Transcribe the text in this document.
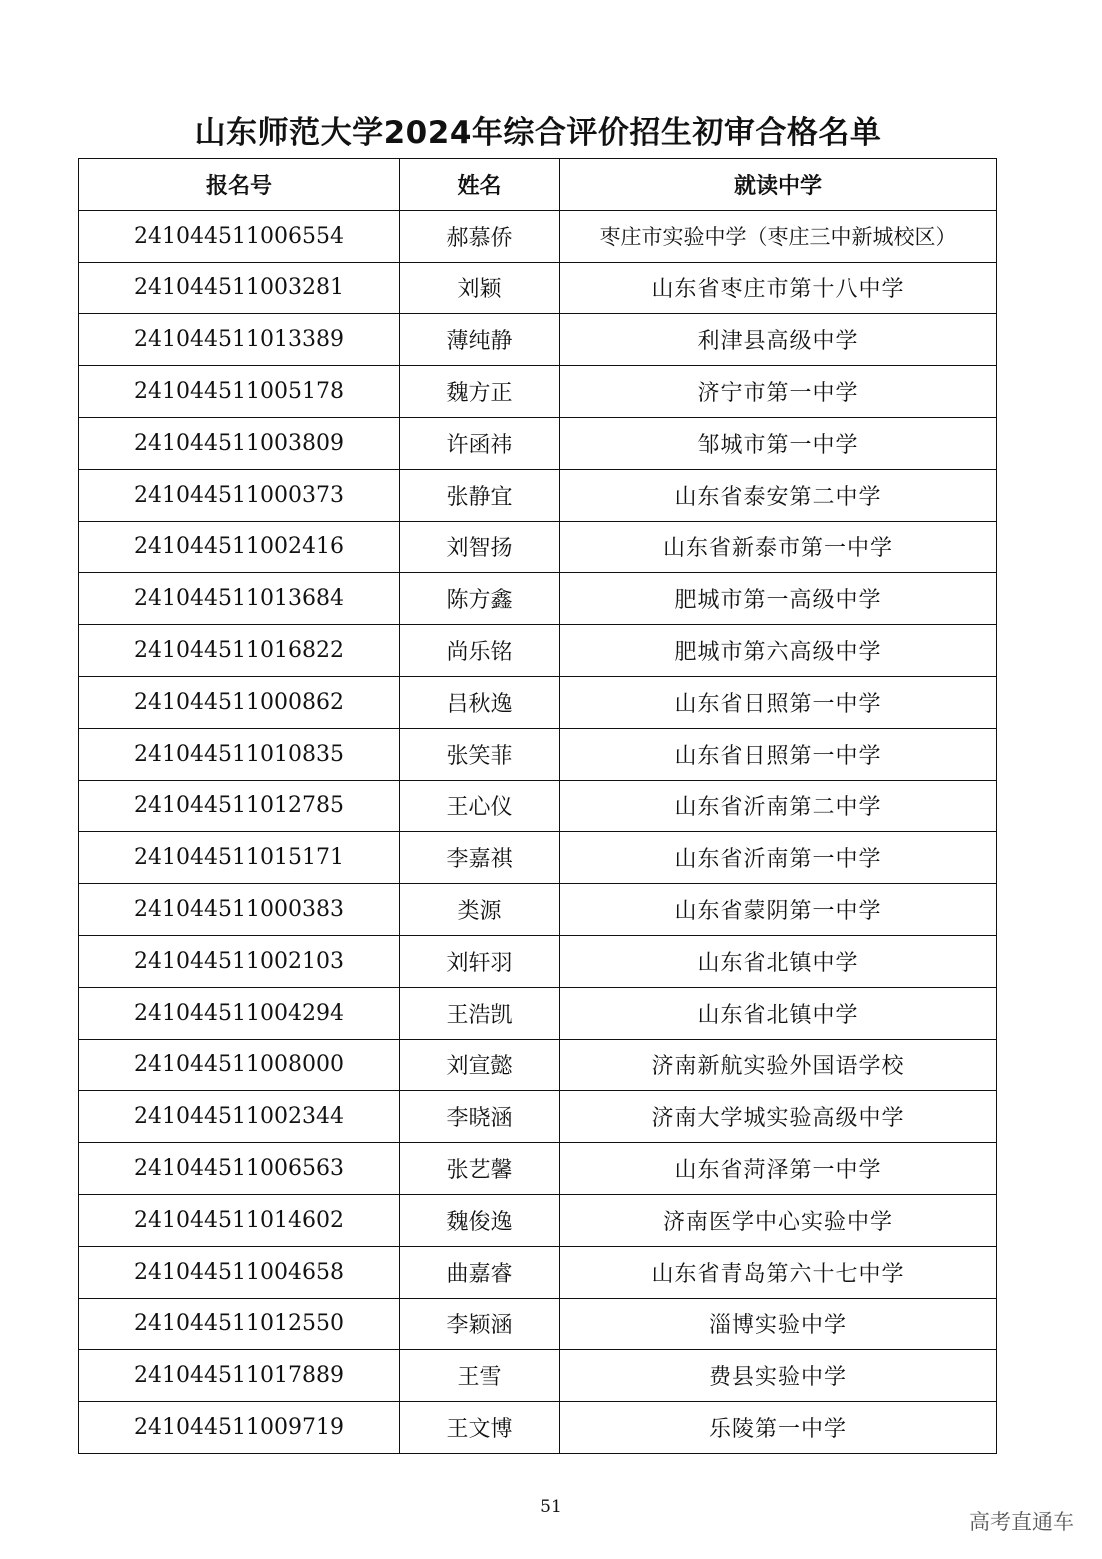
山东师范大学2024年综合评价招生初审合格名单
报名号	姓名	就读中学
241044511006554	郝慕侨	枣庄市实验中学（枣庄三中新城校区）
241044511003281	刘颖	山东省枣庄市第十八中学
241044511013389	薄纯静	利津县高级中学
241044511005178	魏方正	济宁市第一中学
241044511003809	许函祎	邹城市第一中学
241044511000373	张静宜	山东省泰安第二中学
241044511002416	刘智扬	山东省新泰市第一中学
241044511013684	陈方鑫	肥城市第一高级中学
241044511016822	尚乐铭	肥城市第六高级中学
241044511000862	吕秋逸	山东省日照第一中学
241044511010835	张笑菲	山东省日照第一中学
241044511012785	王心仪	山东省沂南第二中学
241044511015171	李嘉祺	山东省沂南第一中学
241044511000383	类源	山东省蒙阴第一中学
241044511002103	刘轩羽	山东省北镇中学
241044511004294	王浩凯	山东省北镇中学
241044511008000	刘宣懿	济南新航实验外国语学校
241044511002344	李晓涵	济南大学城实验高级中学
241044511006563	张艺馨	山东省菏泽第一中学
241044511014602	魏俊逸	济南医学中心实验中学
241044511004658	曲嘉睿	山东省青岛第六十七中学
241044511012550	李颖涵	淄博实验中学
241044511017889	王雪	费县实验中学
241044511009719	王文博	乐陵第一中学
51
高考直通车
